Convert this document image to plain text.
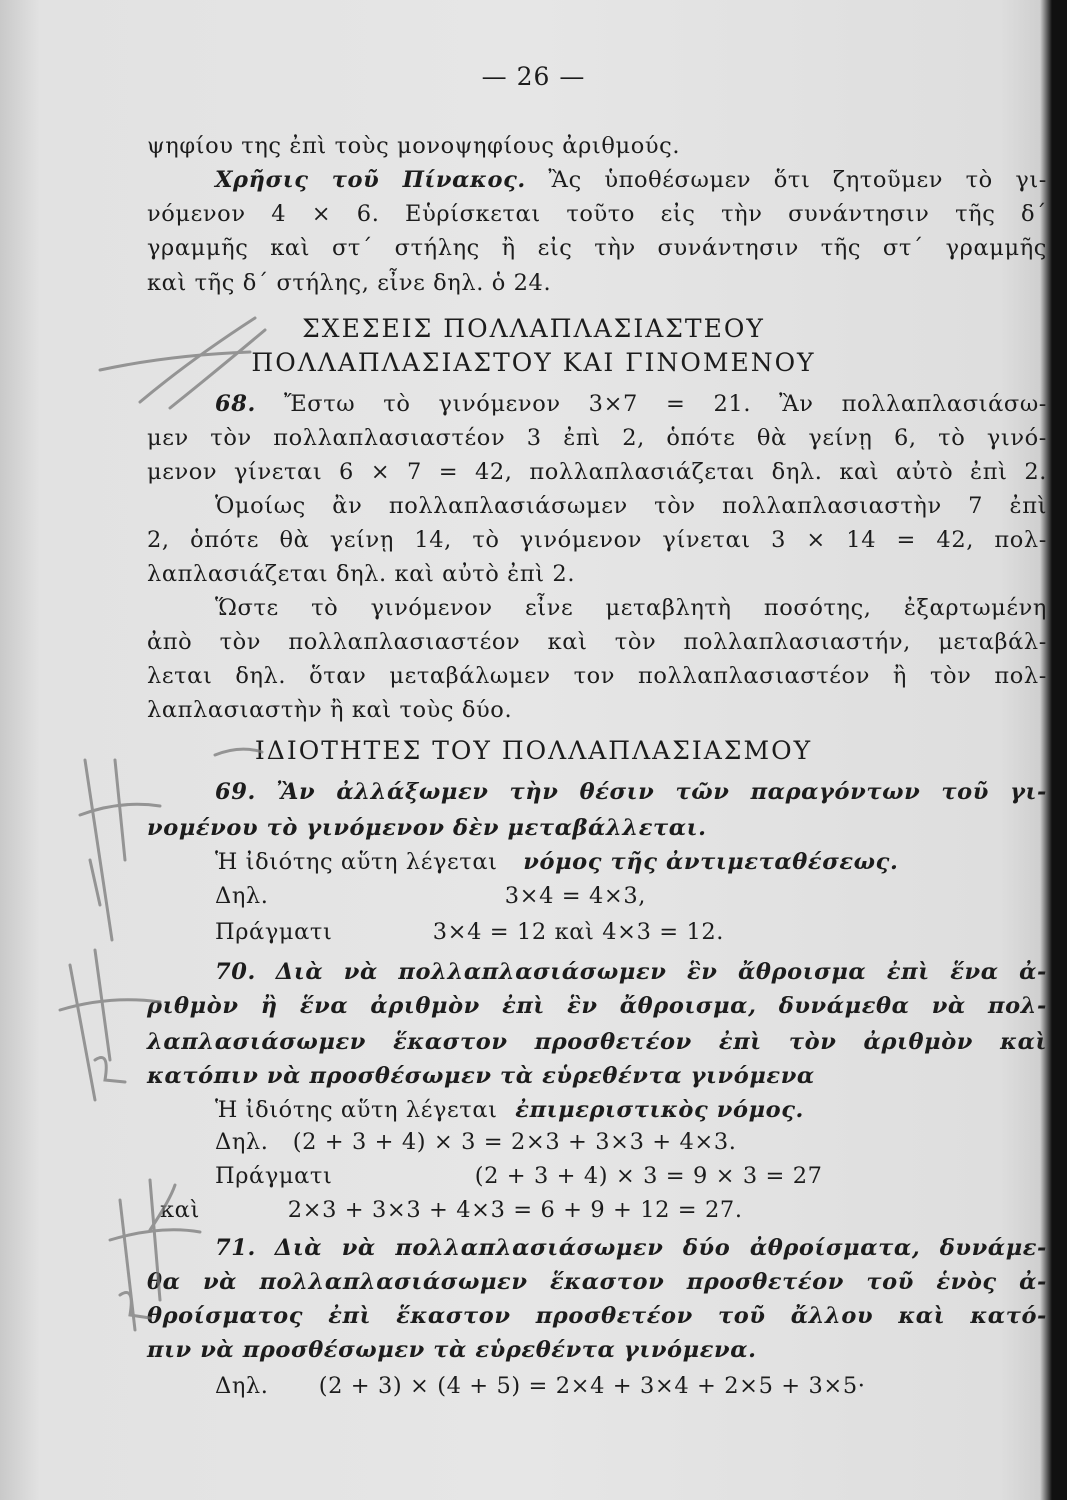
— 26 —
ψηφίου της ἐπὶ τοὺς μονοψηφίους ἀριθμούς.
Χρῆσις τοῦ Πίνακος. Ἂς ὑποθέσωμεν ὅτι ζητοῦμεν τὸ γι-
νόμενον 4 × 6. Εὑρίσκεται τοῦτο εἰς τὴν συνάντησιν τῆς δ´
γραμμῆς καὶ στ´ στήλης ἢ εἰς τὴν συνάντησιν τῆς στ´ γραμμῆς
καὶ τῆς δ´ στήλης, εἶνε δηλ. ὁ 24.
ΣΧΕΣΕΙΣ ΠΟΛΛΑΠΛΑΣΙΑΣΤΕΟΥ
ΠΟΛΛΑΠΛΑΣΙΑΣΤΟΥ ΚΑΙ ΓΙΝΟΜΕΝΟΥ
68. Ἔστω τὸ γινόμενον 3×7 = 21. Ἂν πολλαπλασιάσω-
μεν τὸν πολλαπλασιαστέον 3 ἐπὶ 2, ὁπότε θὰ γείνῃ 6, τὸ γινό-
μενον γίνεται 6 × 7 = 42, πολλαπλασιάζεται δηλ. καὶ αὐτὸ ἐπὶ 2.
Ὁμοίως ἂν πολλαπλασιάσωμεν τὸν πολλαπλασιαστὴν 7 ἐπὶ
2, ὁπότε θὰ γείνῃ 14, τὸ γινόμενον γίνεται 3 × 14 = 42, πολ-
λαπλασιάζεται δηλ. καὶ αὐτὸ ἐπὶ 2.
Ὥστε τὸ γινόμενον εἶνε μεταβλητὴ ποσότης, ἐξαρτωμένη
ἀπὸ τὸν πολλαπλασιαστέον καὶ τὸν πολλαπλασιαστήν, μεταβάλ-
λεται δηλ. ὅταν μεταβάλωμεν τον πολλαπλασιαστέον ἢ τὸν πολ-
λαπλασιαστὴν ἢ καὶ τοὺς δύο.
ΙΔΙΟΤΗΤΕΣ ΤΟΥ ΠΟΛΛΑΠΛΑΣΙΑΣΜΟΥ
69. Ἂν ἀλλάξωμεν τὴν θέσιν τῶν παραγόντων τοῦ γι-
νομένου τὸ γινόμενον δὲν μεταβάλλεται.
Ἡ ἰδιότης αὕτη λέγεται νόμος τῆς ἀντιμεταθέσεως.
Δηλ.	3×4 = 4×3,
Πράγματι	3×4 = 12 καὶ 4×3 = 12.
70. Διὰ νὰ πολλαπλασιάσωμεν ἓν ἄθροισμα ἐπὶ ἕνα ἀ-
ριθμὸν ἢ ἕνα ἀριθμὸν ἐπὶ ἓν ἄθροισμα, δυνάμεθα νὰ πολ-
λαπλασιάσωμεν ἕκαστον προσθετέον ἐπὶ τὸν ἀριθμὸν καὶ
κατόπιν νὰ προσθέσωμεν τὰ εὑρεθέντα γινόμενα
Ἡ ἰδιότης αὕτη λέγεται ἐπιμεριστικὸς νόμος.
Δηλ. (2 + 3 + 4) × 3 = 2×3 + 3×3 + 4×3.
Πράγματι	(2 + 3 + 4) × 3 = 9 × 3 = 27
καὶ	2×3 + 3×3 + 4×3 = 6 + 9 + 12 = 27.
71. Διὰ νὰ πολλαπλασιάσωμεν δύο ἀθροίσματα, δυνάμε-
θα νὰ πολλαπλασιάσωμεν ἕκαστον προσθετέον τοῦ ἑνὸς ἀ-
θροίσματος ἐπὶ ἕκαστον προσθετέον τοῦ ἄλλου καὶ κατό-
πιν νὰ προσθέσωμεν τὰ εὑρεθέντα γινόμενα.
Δηλ. (2 + 3) × (4 + 5) = 2×4 + 3×4 + 2×5 + 3×5·
